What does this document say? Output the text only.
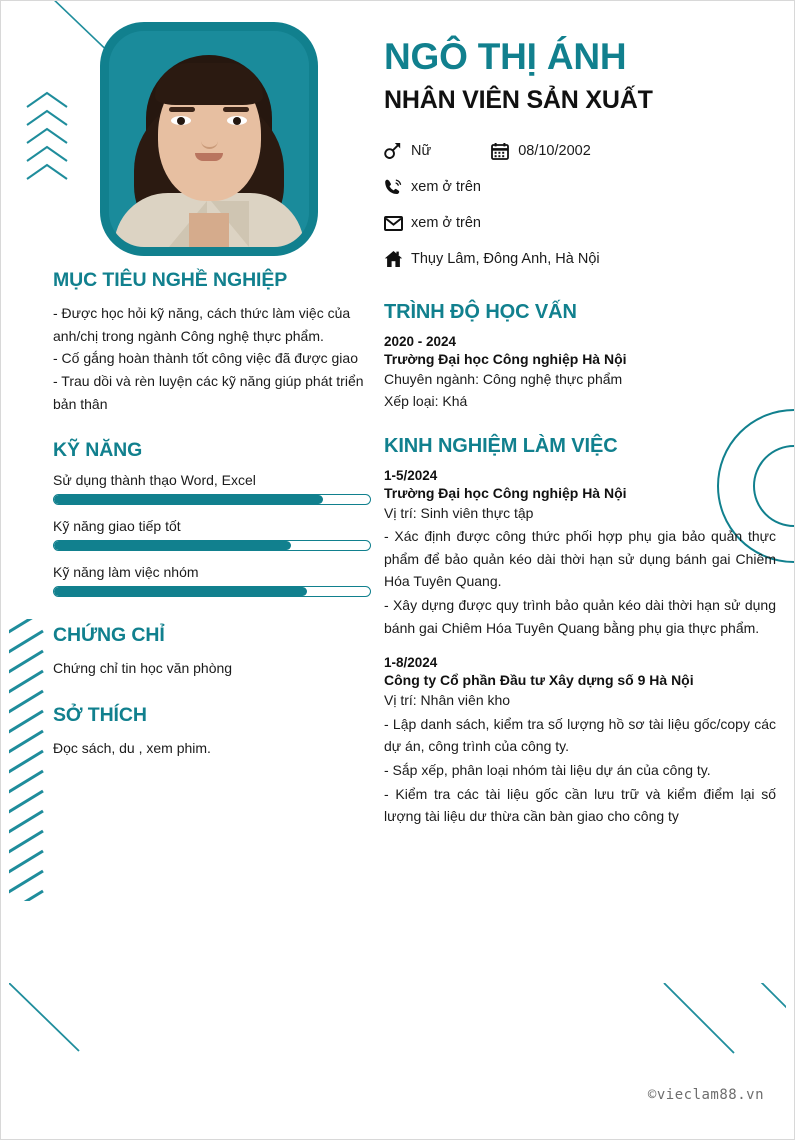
NGÔ THỊ ÁNH
NHÂN VIÊN SẢN XUẤT
Nữ	08/10/2002
xem ở trên
xem ở trên
Thụy Lâm, Đông Anh, Hà Nội
TRÌNH ĐỘ HỌC VẤN
2020 - 2024
Trường Đại học Công nghiệp Hà Nội
Chuyên ngành: Công nghệ thực phẩm
Xếp loại: Khá
KINH NGHIỆM LÀM VIỆC
1-5/2024
Trường Đại học Công nghiệp Hà Nội
Vị trí: Sinh viên thực tập
- Xác định được công thức phối hợp phụ gia bảo quản thực phẩm để bảo quản kéo dài thời hạn sử dụng bánh gai Chiêm Hóa Tuyên Quang.
- Xây dựng được quy trình bảo quản kéo dài thời hạn sử dụng bánh gai Chiêm Hóa Tuyên Quang bằng phụ gia thực phẩm.
1-8/2024
Công ty Cổ phần Đầu tư Xây dựng số 9 Hà Nội
Vị trí: Nhân viên kho
- Lập danh sách, kiểm tra số lượng hồ sơ tài liệu gốc/copy các dự án, công trình của công ty.
- Sắp xếp, phân loại nhóm tài liệu dự án của công ty.
- Kiểm tra các tài liệu gốc cần lưu trữ và kiểm điểm lại số lượng tài liệu dư thừa cần bàn giao cho công ty
MỤC TIÊU NGHỀ NGHIỆP
- Được học hỏi kỹ năng, cách thức làm việc của anh/chị trong ngành Công nghệ thực phẩm.
- Cố gắng hoàn thành tốt công việc đã được giao
- Trau dồi và rèn luyện các kỹ năng giúp phát triển bản thân
KỸ NĂNG
Sử dụng thành thạo Word, Excel
Kỹ năng giao tiếp tốt
Kỹ năng làm việc nhóm
CHỨNG CHỈ
Chứng chỉ tin học văn phòng
SỞ THÍCH
Đọc sách, du , xem phim.
©vieclam88.vn
